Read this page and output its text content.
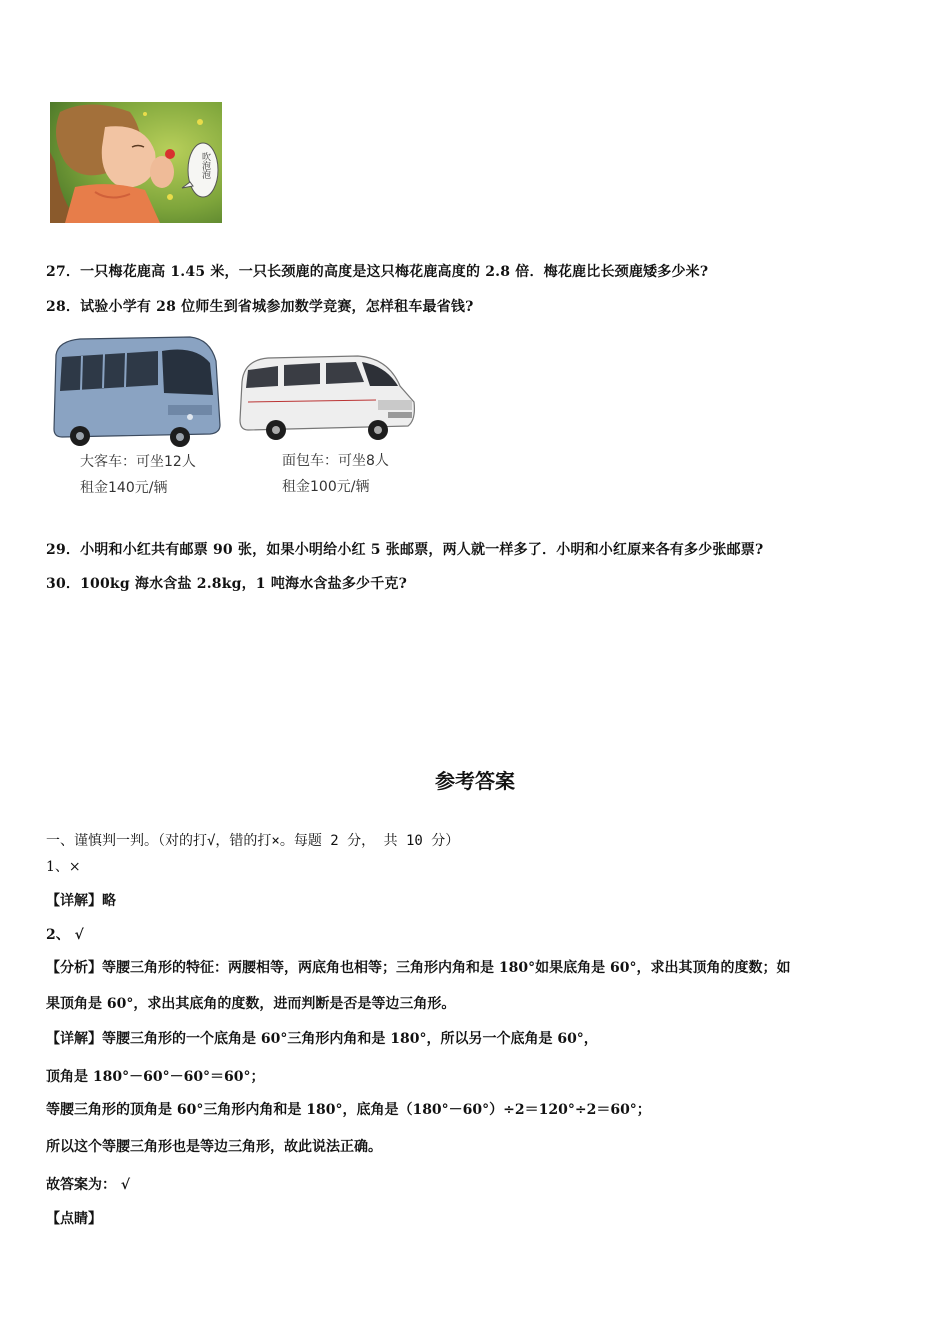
吹泡泡
27．一只梅花鹿高 1.45 米，一只长颈鹿的高度是这只梅花鹿高度的 2.8 倍．梅花鹿比长颈鹿矮多少米?
28．试验小学有 28 位师生到省城参加数学竞赛，怎样租车最省钱?
大客车：可坐12人
租金140元/辆
面包车：可坐8人
租金100元/辆
29．小明和小红共有邮票 90 张，如果小明给小红 5 张邮票，两人就一样多了．小明和小红原来各有多少张邮票?
30．100kg 海水含盐 2.8kg，1 吨海水含盐多少千克?
参考答案
一、谨慎判一判。（对的打√，错的打×。每题 2 分， 共 10 分）
1、×
【详解】略
2、 √
【分析】等腰三角形的特征：两腰相等，两底角也相等；三角形内角和是 180°如果底角是 60°，求出其顶角的度数；如
果顶角是 60°，求出其底角的度数，进而判断是否是等边三角形。
【详解】等腰三角形的一个底角是 60°三角形内角和是 180°，所以另一个底角是 60°，
顶角是 180°－60°－60°＝60°；
等腰三角形的顶角是 60°三角形内角和是 180°，底角是（180°－60°）÷2＝120°÷2＝60°；
所以这个等腰三角形也是等边三角形，故此说法正确。
故答案为： √
【点睛】
